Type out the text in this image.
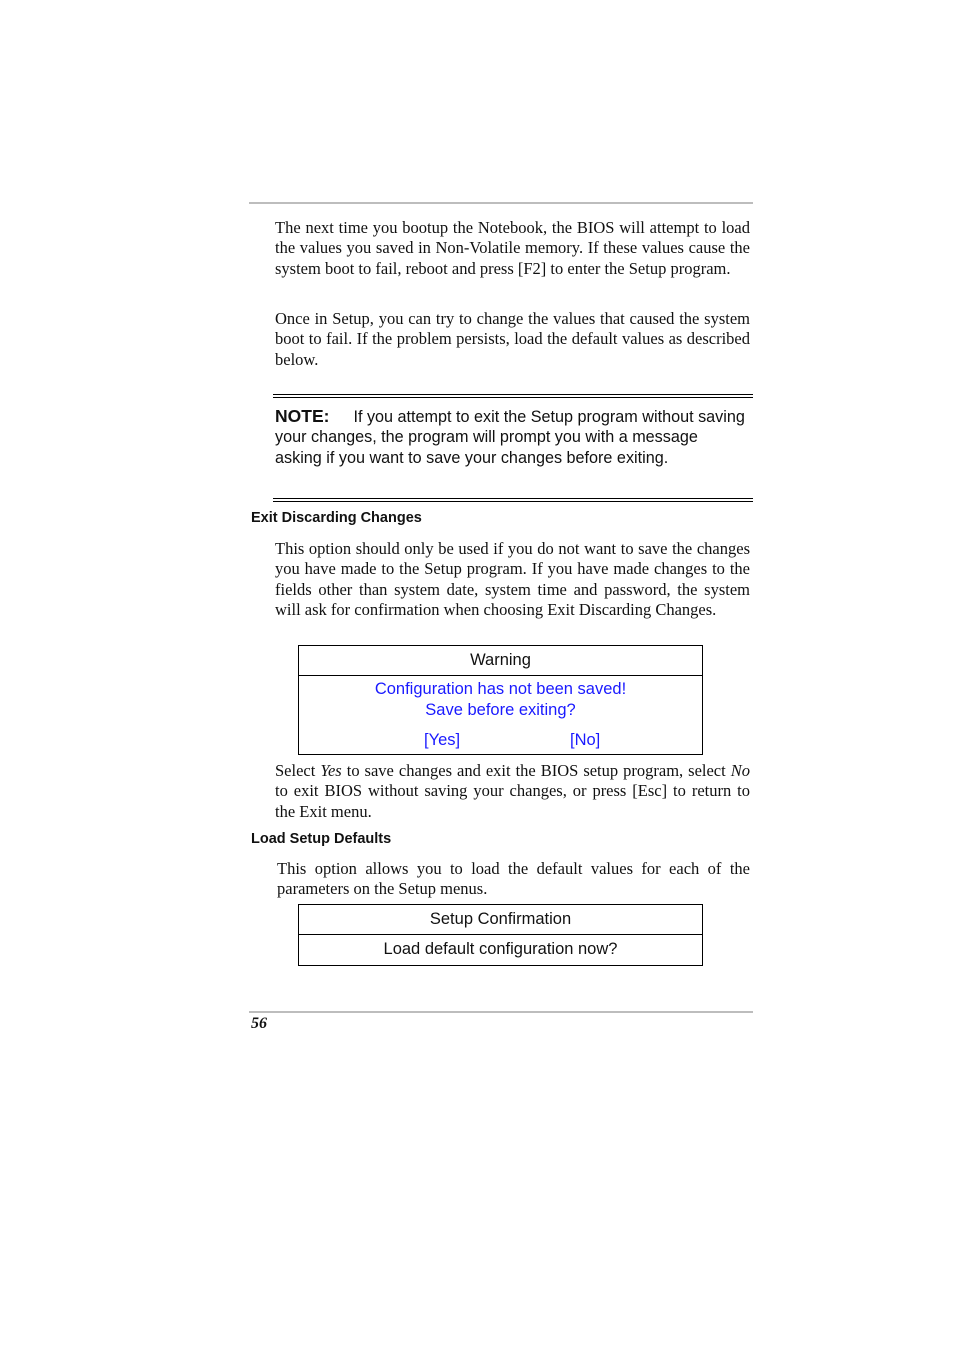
The next time you bootup the Notebook, the BIOS will attempt to load the values you saved in Non-Volatile memory. If these values cause the system boot to fail, reboot and press [F2] to enter the Setup program.

Once in Setup, you can try to change the values that caused the system boot to fail. If the problem persists, load the default values as described below.

NOTE: If you attempt to exit the Setup program without saving your changes, the program will prompt you with a message asking if you want to save your changes before exiting.

Exit Discarding Changes

This option should only be used if you do not want to save the changes you have made to the Setup program. If you have made changes to the fields other than system date, system time and password, the system will ask for confirmation when choosing Exit Discarding Changes.

Warning
Configuration has not been saved!
Save before exiting?
[Yes]	[No]

Select Yes to save changes and exit the BIOS setup program, select No to exit BIOS without saving your changes, or press [Esc] to return to the Exit menu.

Load Setup Defaults

This option allows you to load the default values for each of the parameters on the Setup menus.

Setup Confirmation
Load default configuration now?
56
